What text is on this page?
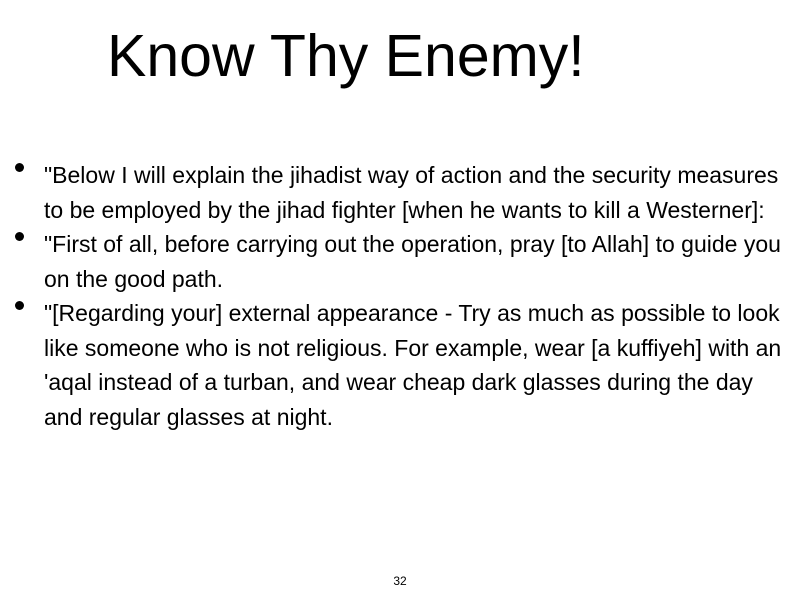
Know Thy Enemy!
"Below I will explain the jihadist way of action and the security measures to be employed by the jihad fighter [when he wants to kill a Westerner]:
"First of all, before carrying out the operation, pray [to Allah] to guide you on the good path.
"[Regarding your] external appearance - Try as much as possible to look like someone who is not religious. For example, wear [a kuffiyeh] with an 'aqal instead of a turban, and wear cheap dark glasses during the day and regular glasses at night.
32
